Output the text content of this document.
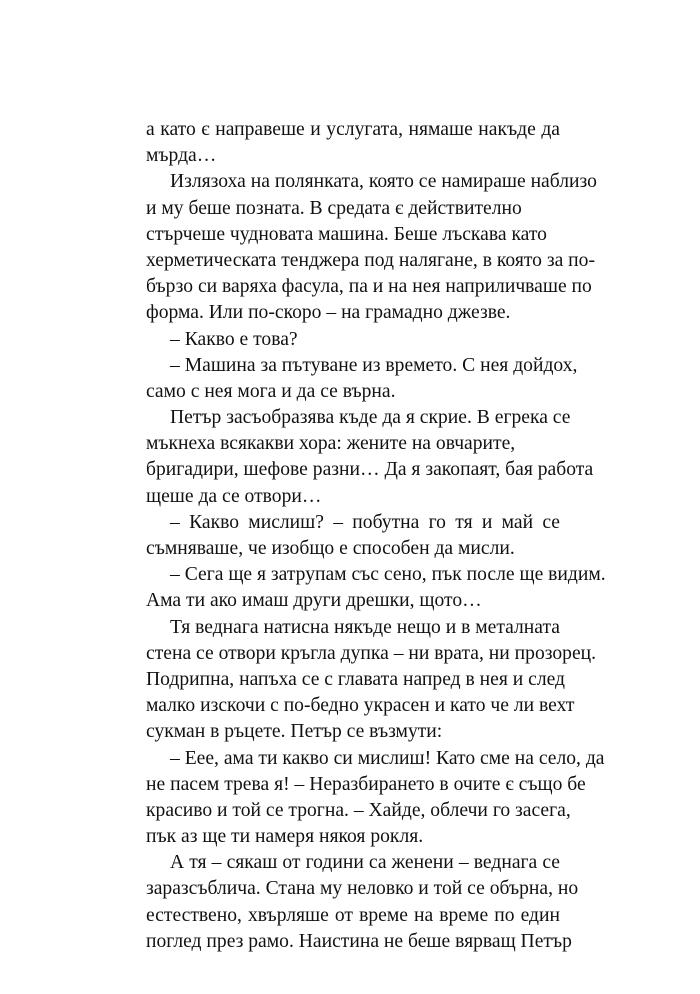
а като є направеше и услугата, нямаше накъде да
мърда…
Излязоха на полянката, която се намираше наблизо
и му беше позната. В средата є действително
стърчеше чудновата машина. Беше лъскава като
херметическата тенджера под налягане, в която за по-
бързо си варяха фасула, па и на нея наприличваше по
форма. Или по-скоро – на грамадно джезве.
– Какво е това?
– Машина за пътуване из времето. С нея дойдох,
само с нея мога и да се върна.
Петър засъобразява къде да я скрие. В егрека се
мъкнеха всякакви хора: жените на овчарите,
бригадири, шефове разни… Да я закопаят, бая работа
щеше да се отвори…
– Какво мислиш? – побутна го тя и май се
съмняваше, че изобщо е способен да мисли.
– Сега ще я затрупам със сено, пък после ще видим.
Ама ти ако имаш други дрешки, щото…
Тя веднага натисна някъде нещо и в металната
стена се отвори кръгла дупка – ни врата, ни прозорец.
Подрипна, напъха се с главата напред в нея и след
малко изскочи с по-бедно украсен и като че ли вехт
сукман в ръцете. Петър се възмути:
– Еее, ама ти какво си мислиш! Като сме на село, да
не пасем трева я! – Неразбирането в очите є също бе
красиво и той се трогна. – Хайде, облечи го засега,
пък аз ще ти намеря някоя рокля.
А тя – сякаш от години са женени – веднага се
заразсъблича. Стана му неловко и той се обърна, но
естествено, хвърляше от време на време по един
поглед през рамо. Наистина не беше вярващ Петър
